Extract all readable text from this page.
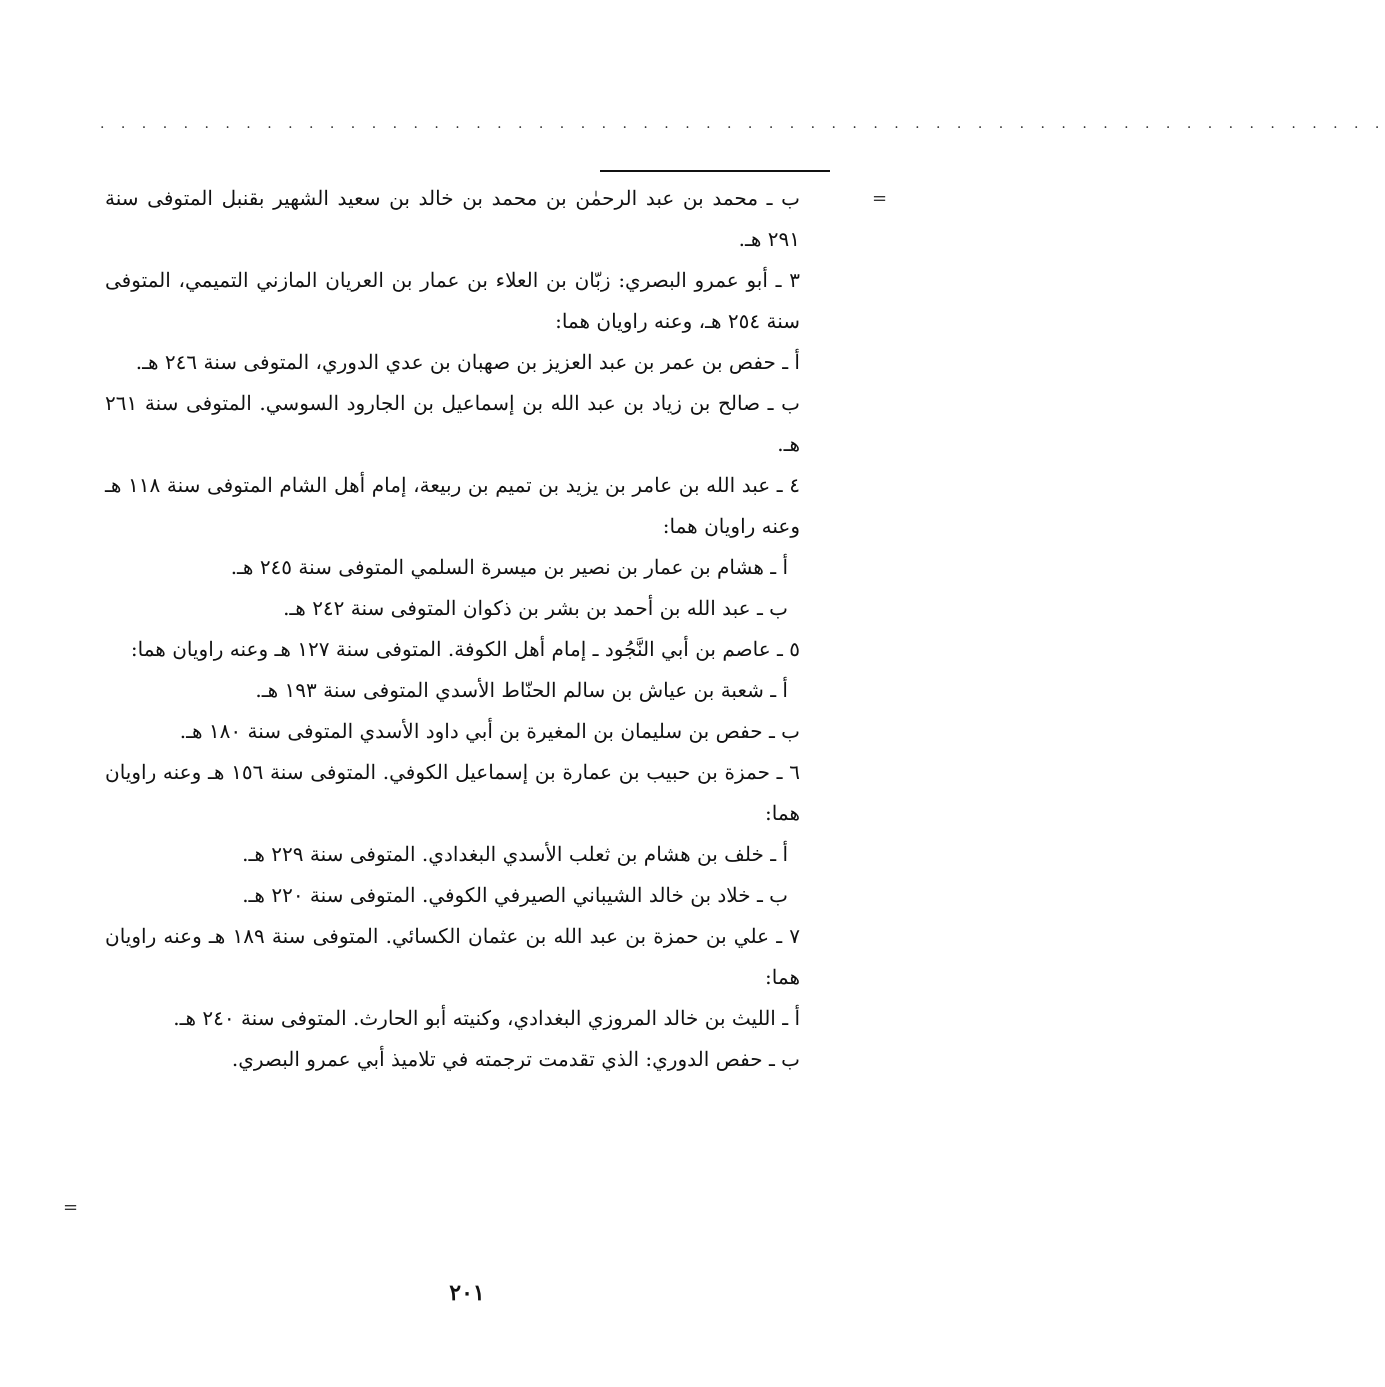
. . . . . . . . . . . . . . . . . . . . . . . . . . . . . . . . . . . . . . . . . . . . . . . . . . . . . . . . . . . . . .
=
=

ب ـ محمد بن عبد الرحمٰن بن محمد بن خالد بن سعيد الشهير بقنبل المتوفى سنة ٢٩١ هـ.

٣ ـ أبو عمرو البصري: زبّان بن العلاء بن عمار بن العريان المازني التميمي، المتوفى سنة ٢٥٤ هـ، وعنه راويان هما:

أ ـ حفص بن عمر بن عبد العزيز بن صهبان بن عدي الدوري، المتوفى سنة ٢٤٦ هـ.

ب ـ صالح بن زياد بن عبد الله بن إسماعيل بن الجارود السوسي. المتوفى سنة ٢٦١ هـ.

٤ ـ عبد الله بن عامر بن يزيد بن تميم بن ربيعة، إمام أهل الشام المتوفى سنة ١١٨ هـ وعنه راويان هما:

أ ـ هشام بن عمار بن نصير بن ميسرة السلمي المتوفى سنة ٢٤٥ هـ.

ب ـ عبد الله بن أحمد بن بشر بن ذكوان المتوفى سنة ٢٤٢ هـ.

٥ ـ عاصم بن أبي النَّجُود ـ إمام أهل الكوفة. المتوفى سنة ١٢٧ هـ وعنه راويان هما:

أ ـ شعبة بن عياش بن سالم الحنّاط الأسدي المتوفى سنة ١٩٣ هـ.

ب ـ حفص بن سليمان بن المغيرة بن أبي داود الأسدي المتوفى سنة ١٨٠ هـ.

٦ ـ حمزة بن حبيب بن عمارة بن إسماعيل الكوفي. المتوفى سنة ١٥٦ هـ وعنه راويان هما:

أ ـ خلف بن هشام بن ثعلب الأسدي البغدادي. المتوفى سنة ٢٢٩ هـ.

ب ـ خلاد بن خالد الشيباني الصيرفي الكوفي. المتوفى سنة ٢٢٠ هـ.

٧ ـ علي بن حمزة بن عبد الله بن عثمان الكسائي. المتوفى سنة ١٨٩ هـ وعنه راويان هما:

أ ـ الليث بن خالد المروزي البغدادي، وكنيته أبو الحارث. المتوفى سنة ٢٤٠ هـ.

ب ـ حفص الدوري: الذي تقدمت ترجمته في تلاميذ أبي عمرو البصري.

٢٠١
